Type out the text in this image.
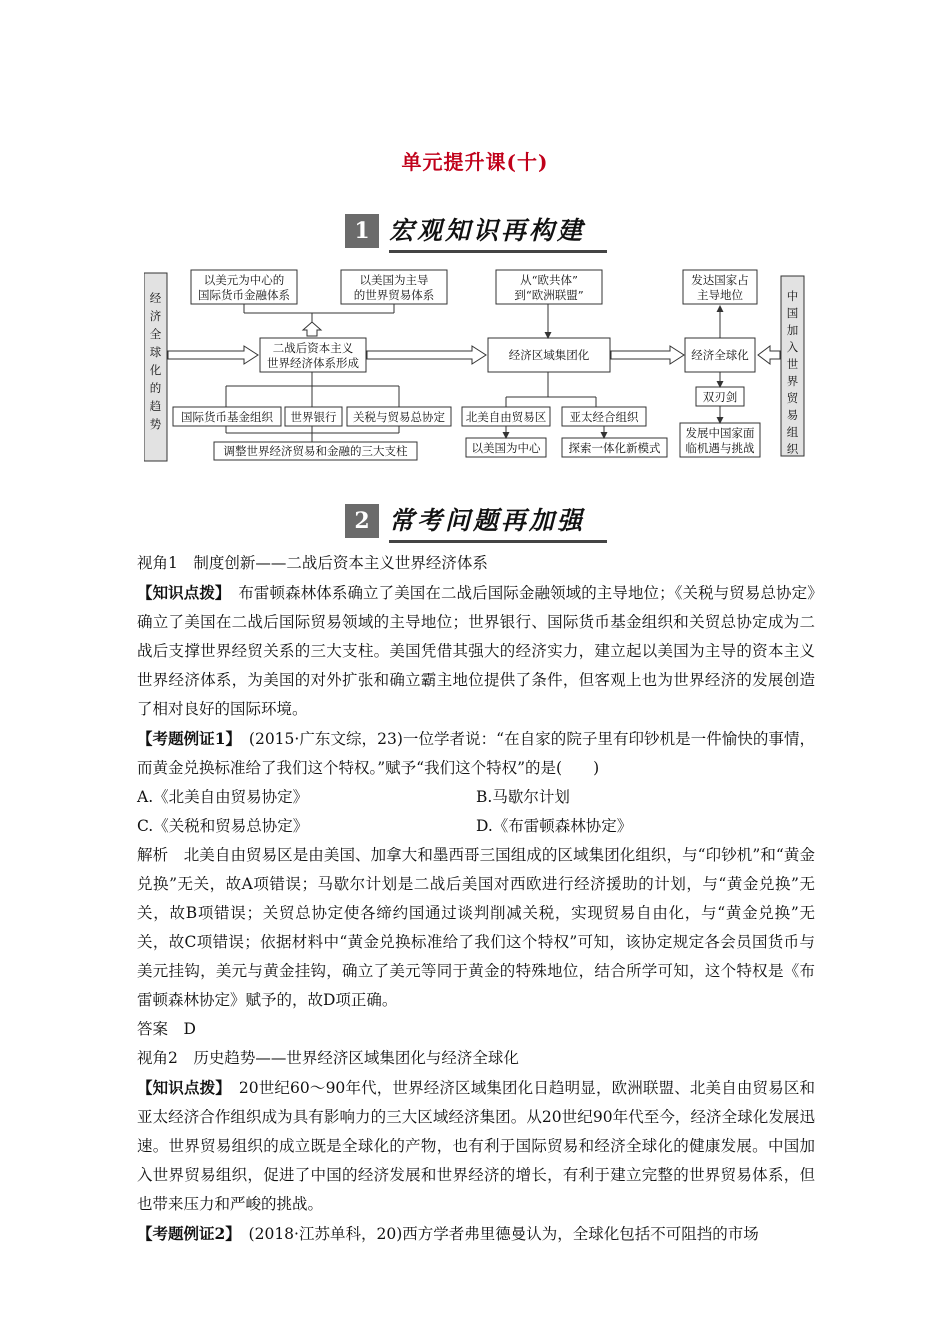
单元提升课(十)
1 宏观知识再构建
经
济
全
球
化
的
趋
势
中
国
加
入
世
界
贸
易
组
织
以美元为中心的
国际货币金融体系
以美国为主导
的世界贸易体系
二战后资本主义
世界经济体系形成
国际货币基金组织 世界银行 关税与贸易总协定
调整世界经济贸易和金融的三大支柱
从“欧共体”
到“欧洲联盟”
经济区域集团化
北美自由贸易区 亚太经合组织
以美国为中心 探索一体化新模式
发达国家占
主导地位
经济全球化
双刃剑
发展中国家面
临机遇与挑战
2 常考问题再加强

视角1　制度创新——二战后资本主义世界经济体系

【知识点拨】　布雷顿森林体系确立了美国在二战后国际金融领域的主导地位；《关税与贸易总协定》确立了美国在二战后国际贸易领域的主导地位；世界银行、国际货币基金组织和关贸总协定成为二战后支撑世界经贸关系的三大支柱。美国凭借其强大的经济实力，建立起以美国为主导的资本主义世界经济体系，为美国的对外扩张和确立霸主地位提供了条件，但客观上也为世界经济的发展创造了相对良好的国际环境。

【考题例证1】　(2015·广东文综，23)一位学者说：“在自家的院子里有印钞机是一件愉快的事情，而黄金兑换标准给了我们这个特权。”赋予“我们这个特权”的是(　　)

A.《北美自由贸易协定》	B.马歇尔计划
C.《关税和贸易总协定》	D.《布雷顿森林协定》

解析　北美自由贸易区是由美国、加拿大和墨西哥三国组成的区域集团化组织，与“印钞机”和“黄金兑换”无关，故A项错误；马歇尔计划是二战后美国对西欧进行经济援助的计划，与“黄金兑换”无关，故B项错误；关贸总协定使各缔约国通过谈判削减关税，实现贸易自由化，与“黄金兑换”无关，故C项错误；依据材料中“黄金兑换标准给了我们这个特权”可知，该协定规定各会员国货币与美元挂钩，美元与黄金挂钩，确立了美元等同于黄金的特殊地位，结合所学可知，这个特权是《布雷顿森林协定》赋予的，故D项正确。

答案　D

视角2　历史趋势——世界经济区域集团化与经济全球化

【知识点拨】　20世纪60～90年代，世界经济区域集团化日趋明显，欧洲联盟、北美自由贸易区和亚太经济合作组织成为具有影响力的三大区域经济集团。从20世纪90年代至今，经济全球化发展迅速。世界贸易组织的成立既是全球化的产物，也有利于国际贸易和经济全球化的健康发展。中国加入世界贸易组织，促进了中国的经济发展和世界经济的增长，有利于建立完整的世界贸易体系，但也带来压力和严峻的挑战。

【考题例证2】　(2018·江苏单科，20)西方学者弗里德曼认为，全球化包括不可阻挡的市场
